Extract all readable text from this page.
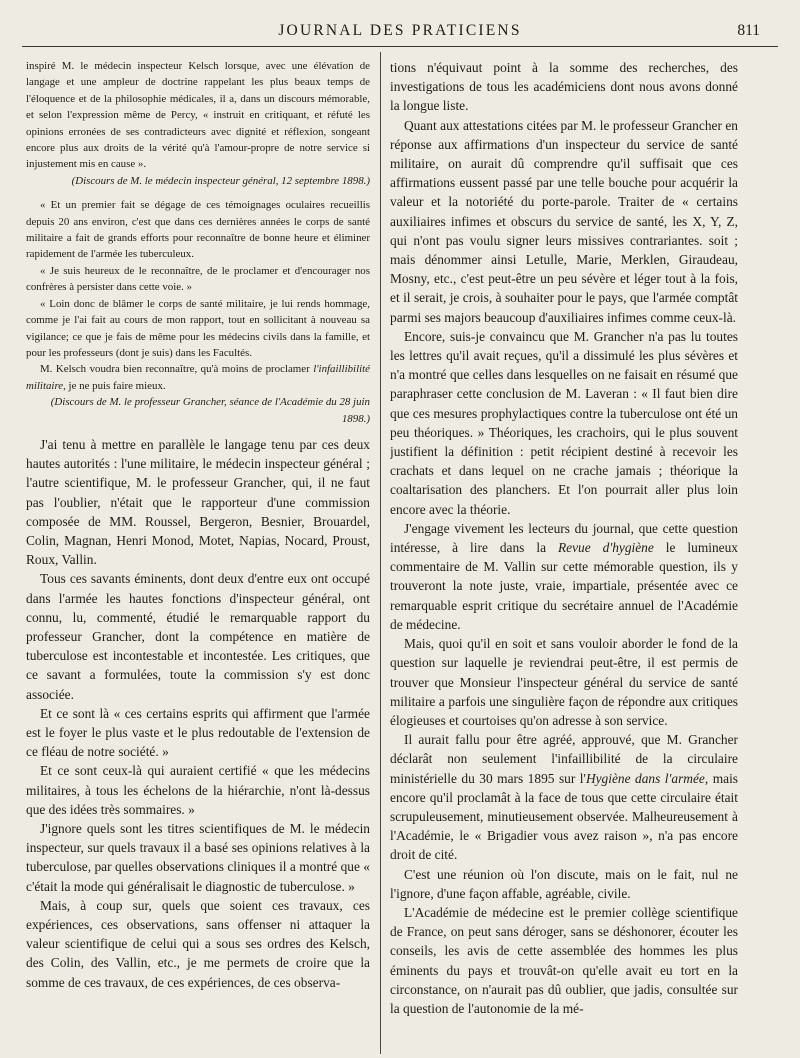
JOURNAL DES PRATICIENS	811

inspiré M. le médecin inspecteur Kelsch lorsque, avec une élévation de langage et une ampleur de doctrine rappelant les plus beaux temps de l'éloquence et de la philosophie médicales, il a, dans un discours mémorable, et selon l'expression même de Percy, « instruit en critiquant, et réfuté les opinions erronées de ses contradicteurs avec dignité et réflexion, songeant encore plus aux droits de la vérité qu'à l'amour-propre de notre service si injustement mis en cause ».

(Discours de M. le médecin inspecteur général, 12 septembre 1898.)

« Et un premier fait se dégage de ces témoignages oculaires recueillis depuis 20 ans environ, c'est que dans ces dernières années le corps de santé militaire a fait de grands efforts pour reconnaître de bonne heure et éliminer rapidement de l'armée les tuberculeux.

« Je suis heureux de le reconnaître, de le proclamer et d'encourager nos confrères à persister dans cette voie. »

« Loin donc de blâmer le corps de santé militaire, je lui rends hommage, comme je l'ai fait au cours de mon rapport, tout en sollicitant à nouveau sa vigilance; ce que je fais de même pour les médecins civils dans la famille, et pour les professeurs (dont je suis) dans les Facultés.

M. Kelsch voudra bien reconnaître, qu'à moins de proclamer l'infaillibilité militaire, je ne puis faire mieux.

(Discours de M. le professeur Grancher, séance de l'Académie du 28 juin 1898.)

J'ai tenu à mettre en parallèle le langage tenu par ces deux hautes autorités : l'une militaire, le médecin inspecteur général ; l'autre scientifique, M. le professeur Grancher, qui, il ne faut pas l'oublier, n'était que le rapporteur d'une commission composée de MM. Roussel, Bergeron, Besnier, Brouardel, Colin, Magnan, Henri Monod, Motet, Napias, Nocard, Proust, Roux, Vallin.

Tous ces savants éminents, dont deux d'entre eux ont occupé dans l'armée les hautes fonctions d'inspecteur général, ont connu, lu, commenté, étudié le remarquable rapport du professeur Grancher, dont la compétence en matière de tuberculose est incontestable et incontestée. Les critiques, que ce savant a formulées, toute la commission s'y est donc associée.

Et ce sont là « ces certains esprits qui affirment que l'armée est le foyer le plus vaste et le plus redoutable de l'extension de ce fléau de notre société. »

Et ce sont ceux-là qui auraient certifié « que les médecins militaires, à tous les échelons de la hiérarchie, n'ont là-dessus que des idées très sommaires. »

J'ignore quels sont les titres scientifiques de M. le médecin inspecteur, sur quels travaux il a basé ses opinions relatives à la tuberculose, par quelles observations cliniques il a montré que « c'était la mode qui généralisait le diagnostic de tuberculose. »

Mais, à coup sur, quels que soient ces travaux, ces expériences, ces observations, sans offenser ni attaquer la valeur scientifique de celui qui a sous ses ordres des Kelsch, des Colin, des Vallin, etc., je me permets de croire que la somme de ces travaux, de ces expériences, de ces observa-

tions n'équivaut point à la somme des recherches, des investigations de tous les académiciens dont nous avons donné la longue liste.

Quant aux attestations citées par M. le professeur Grancher en réponse aux affirmations d'un inspecteur du service de santé militaire, on aurait dû comprendre qu'il suffisait que ces affirmations eussent passé par une telle bouche pour acquérir la valeur et la notoriété du porte-parole. Traiter de « certains auxiliaires infimes et obscurs du service de santé, les X, Y, Z, qui n'ont pas voulu signer leurs missives contrariantes. soit ; mais dénommer ainsi Letulle, Marie, Merklen, Giraudeau, Mosny, etc., c'est peut-être un peu sévère et léger tout à la fois, et il serait, je crois, à souhaiter pour le pays, que l'armée comptât parmi ses majors beaucoup d'auxiliaires infimes comme ceux-là.

Encore, suis-je convaincu que M. Grancher n'a pas lu toutes les lettres qu'il avait reçues, qu'il a dissimulé les plus sévères et n'a montré que celles dans lesquelles on ne faisait en résumé que paraphraser cette conclusion de M. Laveran : « Il faut bien dire que ces mesures prophylactiques contre la tuberculose ont été un peu théoriques. » Théoriques, les crachoirs, qui le plus souvent justifient la définition : petit récipient destiné à recevoir les crachats et dans lequel on ne crache jamais ; théorique la coaltarisation des planchers. Et l'on pourrait aller plus loin encore avec la théorie.

J'engage vivement les lecteurs du journal, que cette question intéresse, à lire dans la Revue d'hygiène le lumineux commentaire de M. Vallin sur cette mémorable question, ils y trouveront la note juste, vraie, impartiale, présentée avec ce remarquable esprit critique du secrétaire annuel de l'Académie de médecine.

Mais, quoi qu'il en soit et sans vouloir aborder le fond de la question sur laquelle je reviendrai peut-être, il est permis de trouver que Monsieur l'inspecteur général du service de santé militaire a parfois une singulière façon de répondre aux critiques élogieuses et courtoises qu'on adresse à son service.

Il aurait fallu pour être agréé, approuvé, que M. Grancher déclarât non seulement l'infaillibilité de la circulaire ministérielle du 30 mars 1895 sur l'Hygiène dans l'armée, mais encore qu'il proclamât à la face de tous que cette circulaire était scrupuleusement, minutieusement observée. Malheureusement à l'Académie, le « Brigadier vous avez raison », n'a pas encore droit de cité.

C'est une réunion où l'on discute, mais on le fait, nul ne l'ignore, d'une façon affable, agréable, civile.

L'Académie de médecine est le premier collège scientifique de France, on peut sans déroger, sans se déshonorer, écouter les conseils, les avis de cette assemblée des hommes les plus éminents du pays et trouvât-on qu'elle avait eu tort en la circonstance, on n'aurait pas dû oublier, que jadis, consultée sur la question de l'autonomie de la mé-
